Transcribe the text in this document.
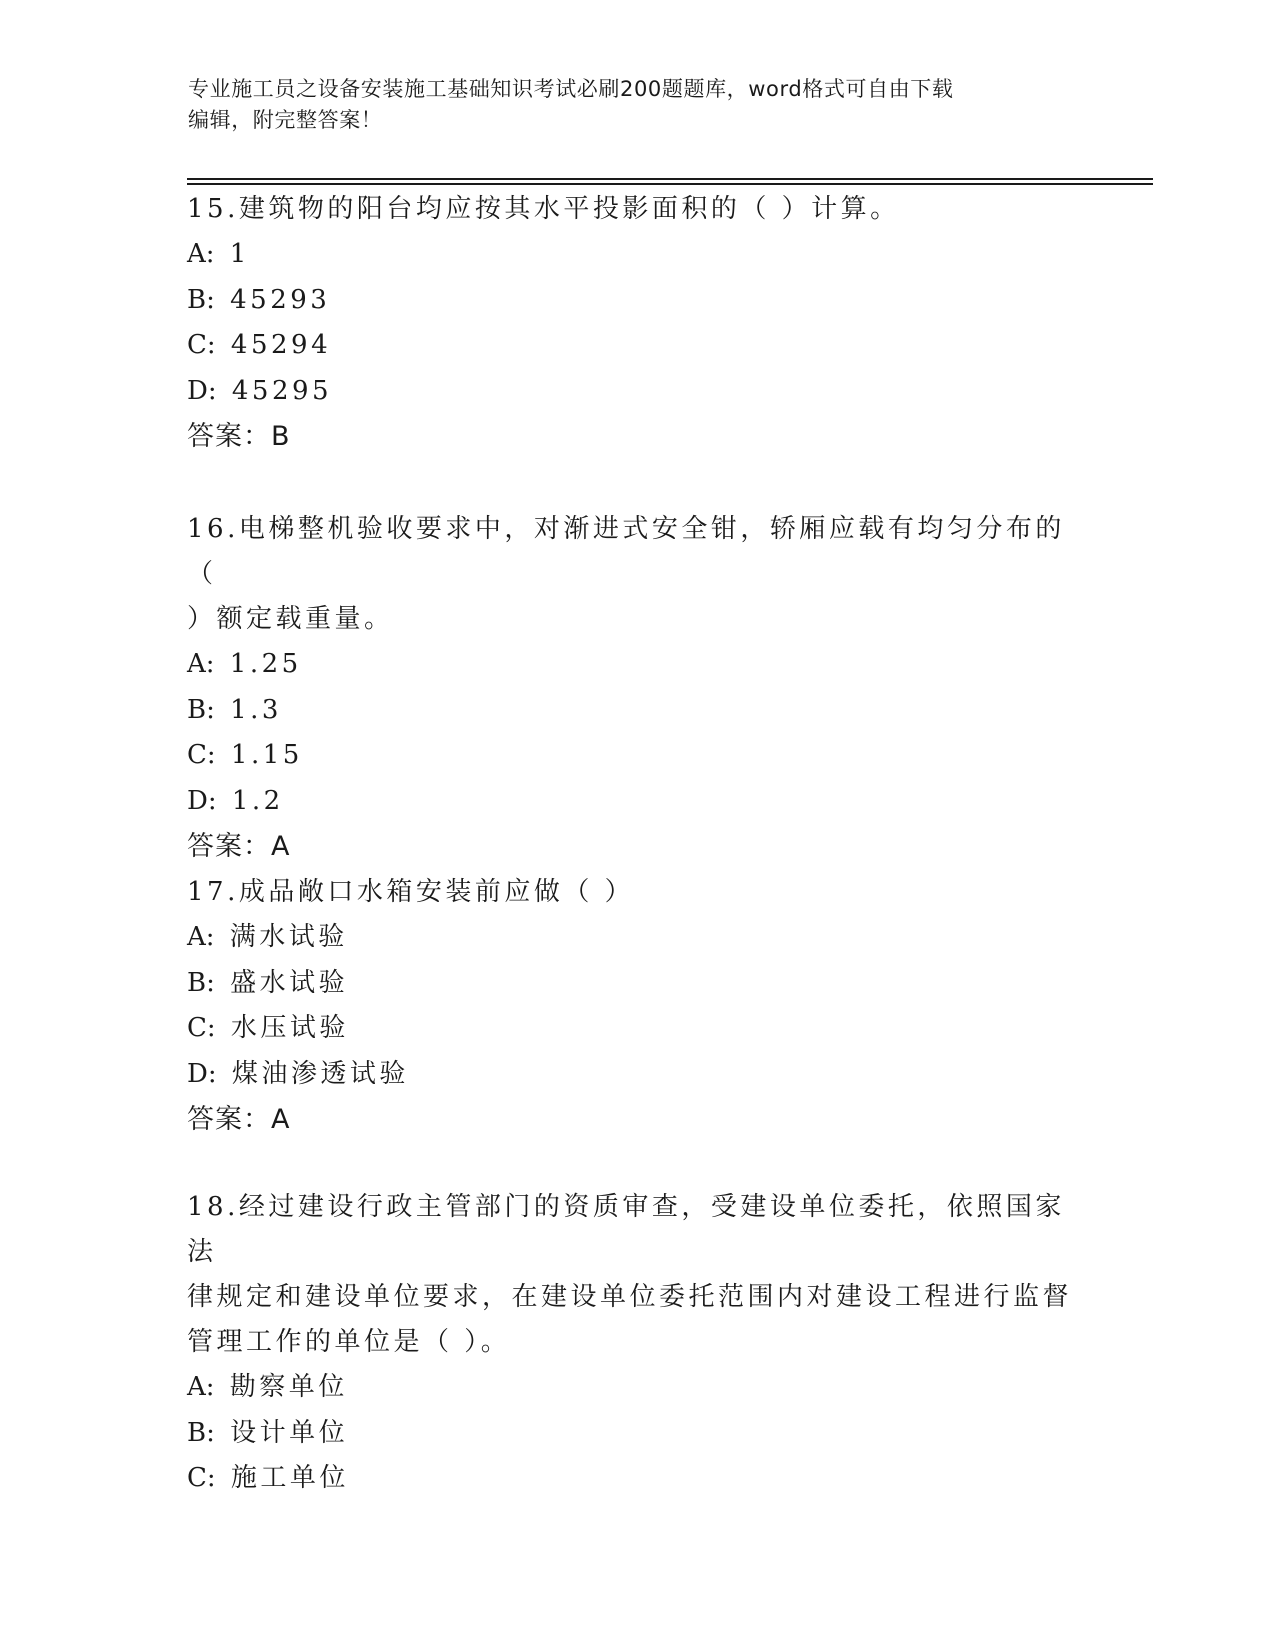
专业施工员之设备安装施工基础知识考试必刷200题题库，word格式可自由下载
编辑，附完整答案！

15.建筑物的阳台均应按其水平投影面积的（ ）计算。

A: 1

B: 45293

C: 45294

D: 45295

答案：B

16.电梯整机验收要求中，对渐进式安全钳，轿厢应载有均匀分布的（

）额定载重量。

A: 1.25

B: 1.3

C: 1.15

D: 1.2

答案：A

17.成品敞口水箱安装前应做（ ）

A: 满水试验

B: 盛水试验

C: 水压试验

D: 煤油渗透试验

答案：A

18.经过建设行政主管部门的资质审查，受建设单位委托，依照国家法

律规定和建设单位要求，在建设单位委托范围内对建设工程进行监督

管理工作的单位是（ ）。

A: 勘察单位

B: 设计单位

C: 施工单位
